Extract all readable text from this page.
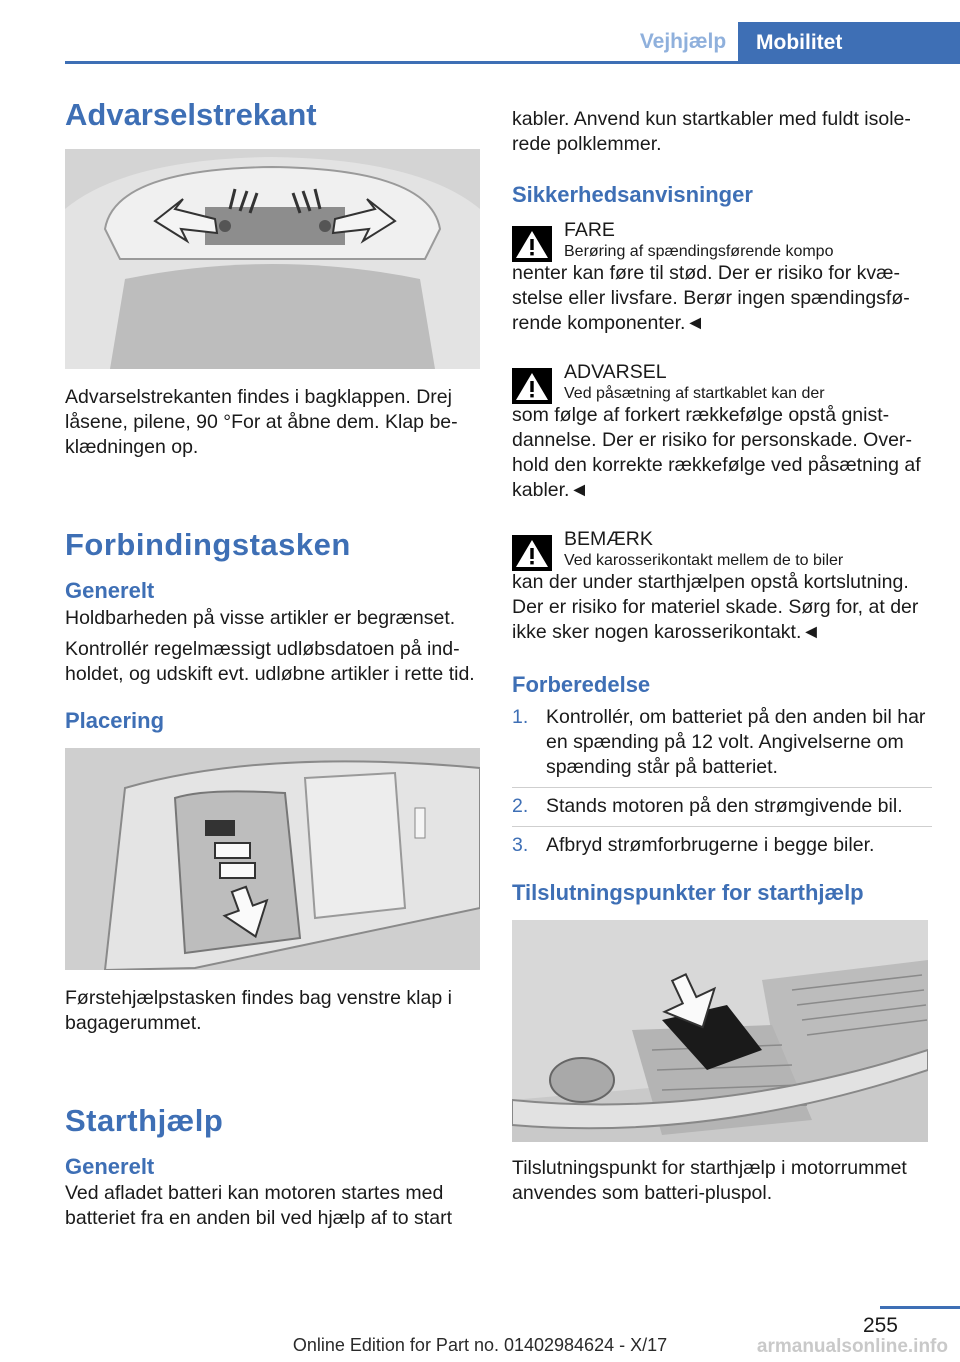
Vejhjælp	Mobilitet
Advarselstrekant

Advarselstrekanten findes i bagklappen. Drej låsene, pilene, 90 °For at åbne dem. Klap beklædningen op.

Forbindingstasken
Generelt

Holdbarheden på visse artikler er begrænset.

Kontrollér regelmæssigt udløbsdatoen på indholdet, og udskift evt. udløbne artikler i rette tid.

Placering

Førstehjælpstasken findes bag venstre klap i bagagerummet.

Starthjælp
Generelt

Ved afladet batteri kan motoren startes med batteriet fra en anden bil ved hjælp af to start

kabler. Anvend kun startkabler med fuldt isolerede polklemmer.

Sikkerhedsanvisninger
FARE
Berøring af spændingsførende kompo

nenter kan føre til stød. Der er risiko for kvæstelse eller livsfare. Berør ingen spændingsførende komponenter.◄

ADVARSEL
Ved påsætning af startkablet kan der

som følge af forkert rækkefølge opstå gnistdannelse. Der er risiko for personskade. Overhold den korrekte rækkefølge ved påsætning af kabler.◄

BEMÆRK
Ved karosserikontakt mellem de to biler

kan der under starthjælpen opstå kortslutning. Der er risiko for materiel skade. Sørg for, at der ikke sker nogen karosserikontakt.◄

Forberedelse
1. Kontrollér, om batteriet på den anden bil har en spænding på 12 volt. Angivelserne om spænding står på batteriet.
2. Stands motoren på den strømgivende bil.
3. Afbryd strømforbrugerne i begge biler.
Tilslutningspunkter for starthjælp

Tilslutningspunkt for starthjælp i motorrummet anvendes som batteri-pluspol.

255
Online Edition for Part no. 01402984624 - X/17	armanualsonline.info
